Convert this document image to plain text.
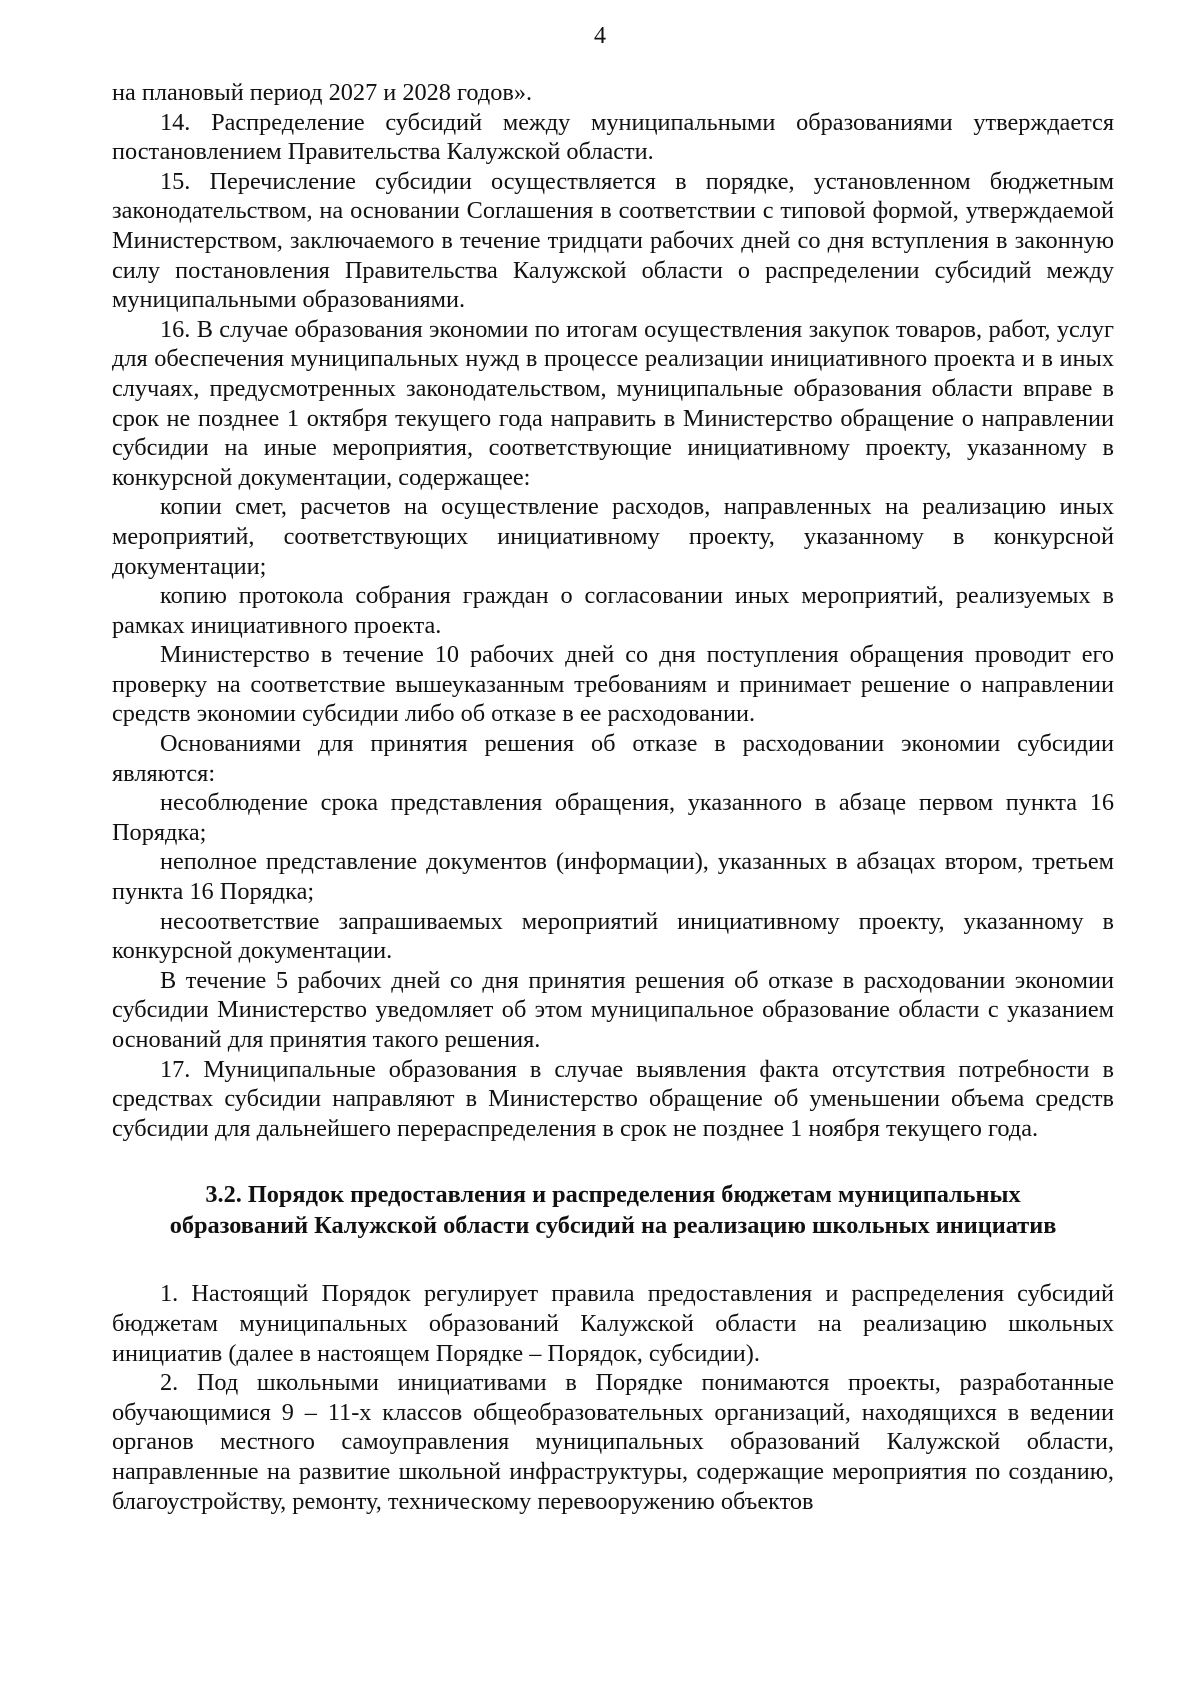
4

на плановый период 2027 и 2028 годов».

14. Распределение субсидий между муниципальными образованиями утверждается постановлением Правительства Калужской области.

15. Перечисление субсидии осуществляется в порядке, установленном бюджетным законодательством, на основании Соглашения в соответствии с типовой формой, утверждаемой Министерством, заключаемого в течение тридцати рабочих дней со дня вступления в законную силу постановления Правительства Калужской области о распределении субсидий между муниципальными образованиями.

16. В случае образования экономии по итогам осуществления закупок товаров, работ, услуг для обеспечения муниципальных нужд в процессе реализации инициативного проекта и в иных случаях, предусмотренных законодательством, муниципальные образования области вправе в срок не позднее 1 октября текущего года направить в Министерство обращение о направлении субсидии на иные мероприятия, соответствующие инициативному проекту, указанному в конкурсной документации, содержащее:

копии смет, расчетов на осуществление расходов, направленных на реализацию иных мероприятий, соответствующих инициативному проекту, указанному в конкурсной документации;

копию протокола собрания граждан о согласовании иных мероприятий, реализуемых в рамках инициативного проекта.

Министерство в течение 10 рабочих дней со дня поступления обращения проводит его проверку на соответствие вышеуказанным требованиям и принимает решение о направлении средств экономии субсидии либо об отказе в ее расходовании.

Основаниями для принятия решения об отказе в расходовании экономии субсидии являются:

несоблюдение срока представления обращения, указанного в абзаце первом пункта 16 Порядка;

неполное представление документов (информации), указанных в абзацах втором, третьем пункта 16 Порядка;

несоответствие запрашиваемых мероприятий инициативному проекту, указанному в конкурсной документации.

В течение 5 рабочих дней со дня принятия решения об отказе в расходовании экономии субсидии Министерство уведомляет об этом муниципальное образование области с указанием оснований для принятия такого решения.

17. Муниципальные образования в случае выявления факта отсутствия потребности в средствах субсидии направляют в Министерство обращение об уменьшении объема средств субсидии для дальнейшего перераспределения в срок не позднее 1 ноября текущего года.

3.2. Порядок предоставления и распределения бюджетам муниципальных
образований Калужской области субсидий на реализацию школьных инициатив

1. Настоящий Порядок регулирует правила предоставления и распределения субсидий бюджетам муниципальных образований Калужской области на реализацию школьных инициатив (далее в настоящем Порядке – Порядок, субсидии).

2. Под школьными инициативами в Порядке понимаются проекты, разработанные обучающимися 9 – 11-х классов общеобразовательных организаций, находящихся в ведении органов местного самоуправления муниципальных образований Калужской области, направленные на развитие школьной инфраструктуры, содержащие мероприятия по созданию, благоустройству, ремонту, техническому перевооружению объектов
